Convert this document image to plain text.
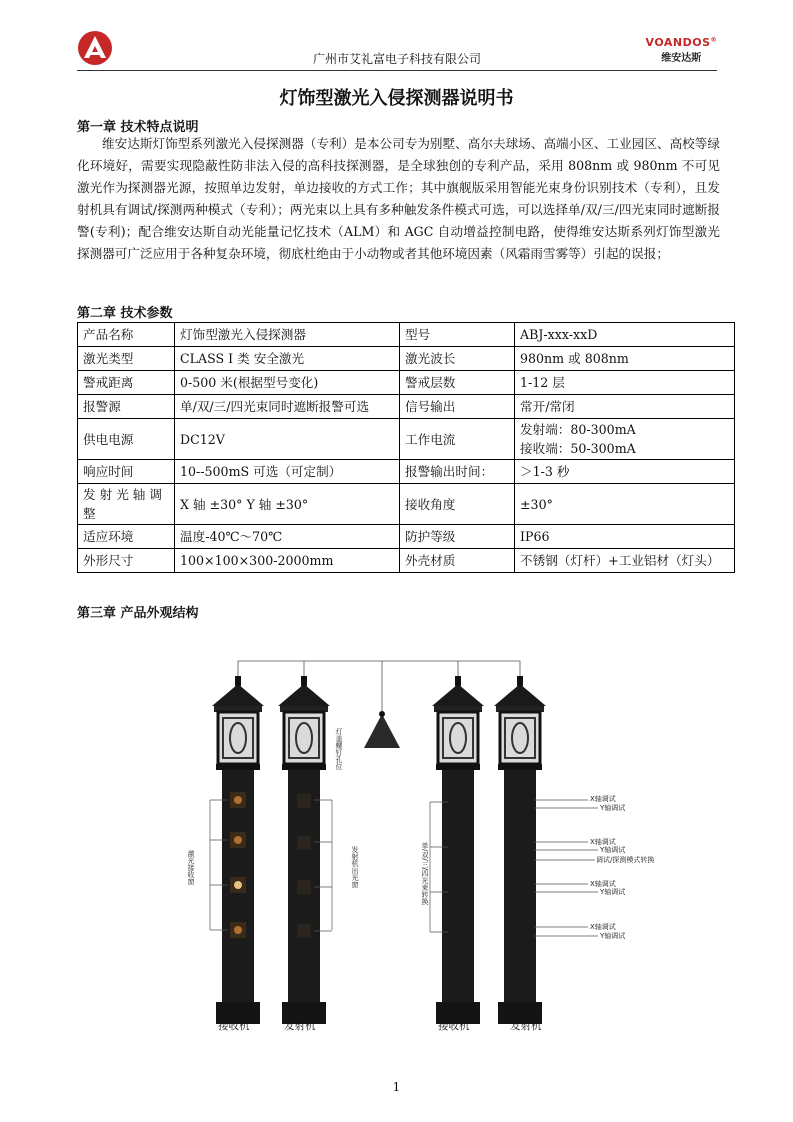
广州市艾礼富电子科技有限公司
VOANDOS®
维安达斯
灯饰型激光入侵探测器说明书
第一章 技术特点说明
维安达斯灯饰型系列激光入侵探测器（专利）是本公司专为别墅、高尔夫球场、高端小区、工业园区、高校等绿化环境好，需要实现隐蔽性防非法入侵的高科技探测器，是全球独创的专利产品，采用 808nm 或 980nm 不可见激光作为探测器光源，按照单边发射，单边接收的方式工作；其中旗舰版采用智能光束身份识别技术（专利），且发射机具有调试/探测两种模式（专利）；两光束以上具有多种触发条件模式可选，可以选择单/双/三/四光束同时遮断报警(专利)；配合维安达斯自动光能量记忆技术（ALM）和 AGC 自动增益控制电路，使得维安达斯系列灯饰型激光探测器可广泛应用于各种复杂环境，彻底杜绝由于小动物或者其他环境因素（风霜雨雪雾等）引起的误报；
第二章 技术参数
产品名称	灯饰型激光入侵探测器	型号	ABJ-xxx-xxD
激光类型	CLASS I 类 安全激光	激光波长	980nm 或 808nm
警戒距离	0-500 米(根据型号变化)	警戒层数	1-12 层
报警源	单/双/三/四光束同时遮断报警可选	信号输出	常开/常闭
供电电源	DC12V	工作电流	发射端：80-300mA
接收端：50-300mA

响应时间	10--500mS 可选（可定制）	报警输出时间：	＞1-3 秒
发射光轴调整	X 轴 ±30° Y 轴 ±30°	接收角度	±30°
适应环境	温度-40℃～70℃	防护等级	IP66
外形尺寸	100×100×300-2000mm	外壳材质	不锈钢（灯杆）+工业铝材（灯头）
第三章 产品外观结构
激光接收窗	发射机出光窗
灯盖螺钉孔位
单/双/三/四光束转换
X轴调试
Y轴调试
X轴调试
Y轴调试
调试/探测模式转换
X轴调试
Y轴调试
X轴调试
Y轴调试
接收机	发射机	接收机	发射机
1
